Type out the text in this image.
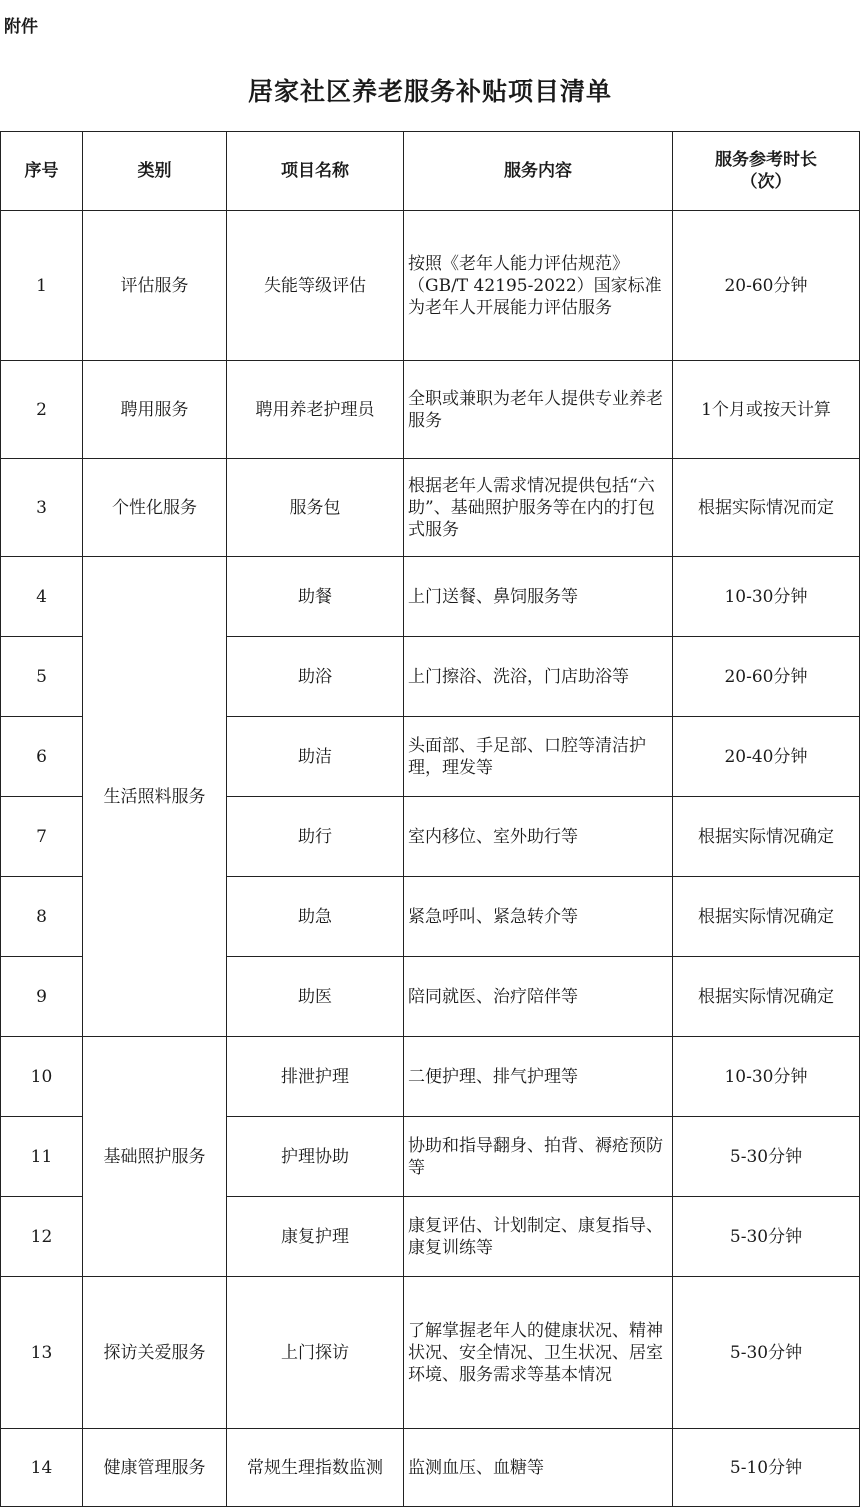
附件
居家社区养老服务补贴项目清单
序号	类别	项目名称	服务内容	服务参考时长
（次）

1	评估服务	失能等级评估	按照《老年人能力评估规范》（GB/T 42195-2022）国家标准为老年人开展能力评估服务	20-60分钟
2	聘用服务	聘用养老护理员	全职或兼职为老年人提供专业养老服务	1个月或按天计算
3	个性化服务	服务包	根据老年人需求情况提供包括“六助”、基础照护服务等在内的打包式服务	根据实际情况而定
4	生活照料服务	助餐	上门送餐、鼻饲服务等	10-30分钟
5		助浴	上门擦浴、洗浴，门店助浴等	20-60分钟
6		助洁	头面部、手足部、口腔等清洁护理，理发等	20-40分钟
7		助行	室内移位、室外助行等	根据实际情况确定
8		助急	紧急呼叫、紧急转介等	根据实际情况确定
9		助医	陪同就医、治疗陪伴等	根据实际情况确定
10	基础照护服务	排泄护理	二便护理、排气护理等	10-30分钟
11		护理协助	协助和指导翻身、拍背、褥疮预防等	5-30分钟
12		康复护理	康复评估、计划制定、康复指导、康复训练等	5-30分钟
13	探访关爱服务	上门探访	了解掌握老年人的健康状况、精神状况、安全情况、卫生状况、居室环境、服务需求等基本情况	5-30分钟
14	健康管理服务	常规生理指数监测	监测血压、血糖等	5-10分钟
